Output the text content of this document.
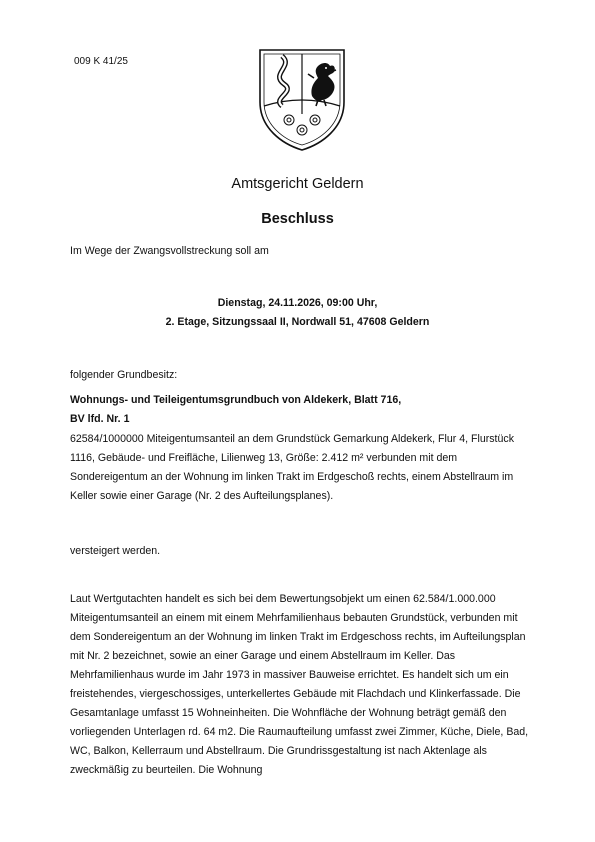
009 K 41/25
Amtsgericht Geldern
Beschluss
Im Wege der Zwangsvollstreckung soll am
Dienstag, 24.11.2026, 09:00 Uhr,
2. Etage, Sitzungssaal II, Nordwall 51, 47608 Geldern
folgender Grundbesitz:
Wohnungs- und Teileigentumsgrundbuch von Aldekerk, Blatt 716,
BV lfd. Nr. 1
62584/1000000 Miteigentumsanteil an dem Grundstück Gemarkung Aldekerk, Flur 4, Flurstück 1116, Gebäude- und Freifläche, Lilienweg 13, Größe: 2.412 m² verbunden mit dem Sondereigentum an der Wohnung im linken Trakt im Erdgeschoß rechts, einem Abstellraum im Keller sowie einer Garage (Nr. 2 des Aufteilungsplanes).
versteigert werden.
Laut Wertgutachten handelt es sich bei dem Bewertungsobjekt um einen 62.584/1.000.000 Miteigentumsanteil an einem mit einem Mehrfamilienhaus bebauten Grundstück, verbunden mit dem Sondereigentum an der Wohnung im linken Trakt im Erdgeschoss rechts, im Aufteilungsplan mit Nr. 2 bezeichnet, sowie an einer Garage und einem Abstellraum im Keller. Das Mehrfamilienhaus wurde im Jahr 1973 in massiver Bauweise errichtet. Es handelt sich um ein freistehendes, viergeschossiges, unterkellertes Gebäude mit Flachdach und Klinkerfassade. Die Gesamtanlage umfasst 15 Wohneinheiten. Die Wohnfläche der Wohnung beträgt gemäß den vorliegenden Unterlagen rd. 64 m2. Die Raumaufteilung umfasst zwei Zimmer, Küche, Diele, Bad, WC, Balkon, Kellerraum und Abstellraum. Die Grundrissgestaltung ist nach Aktenlage als zweckmäßig zu beurteilen. Die Wohnung
